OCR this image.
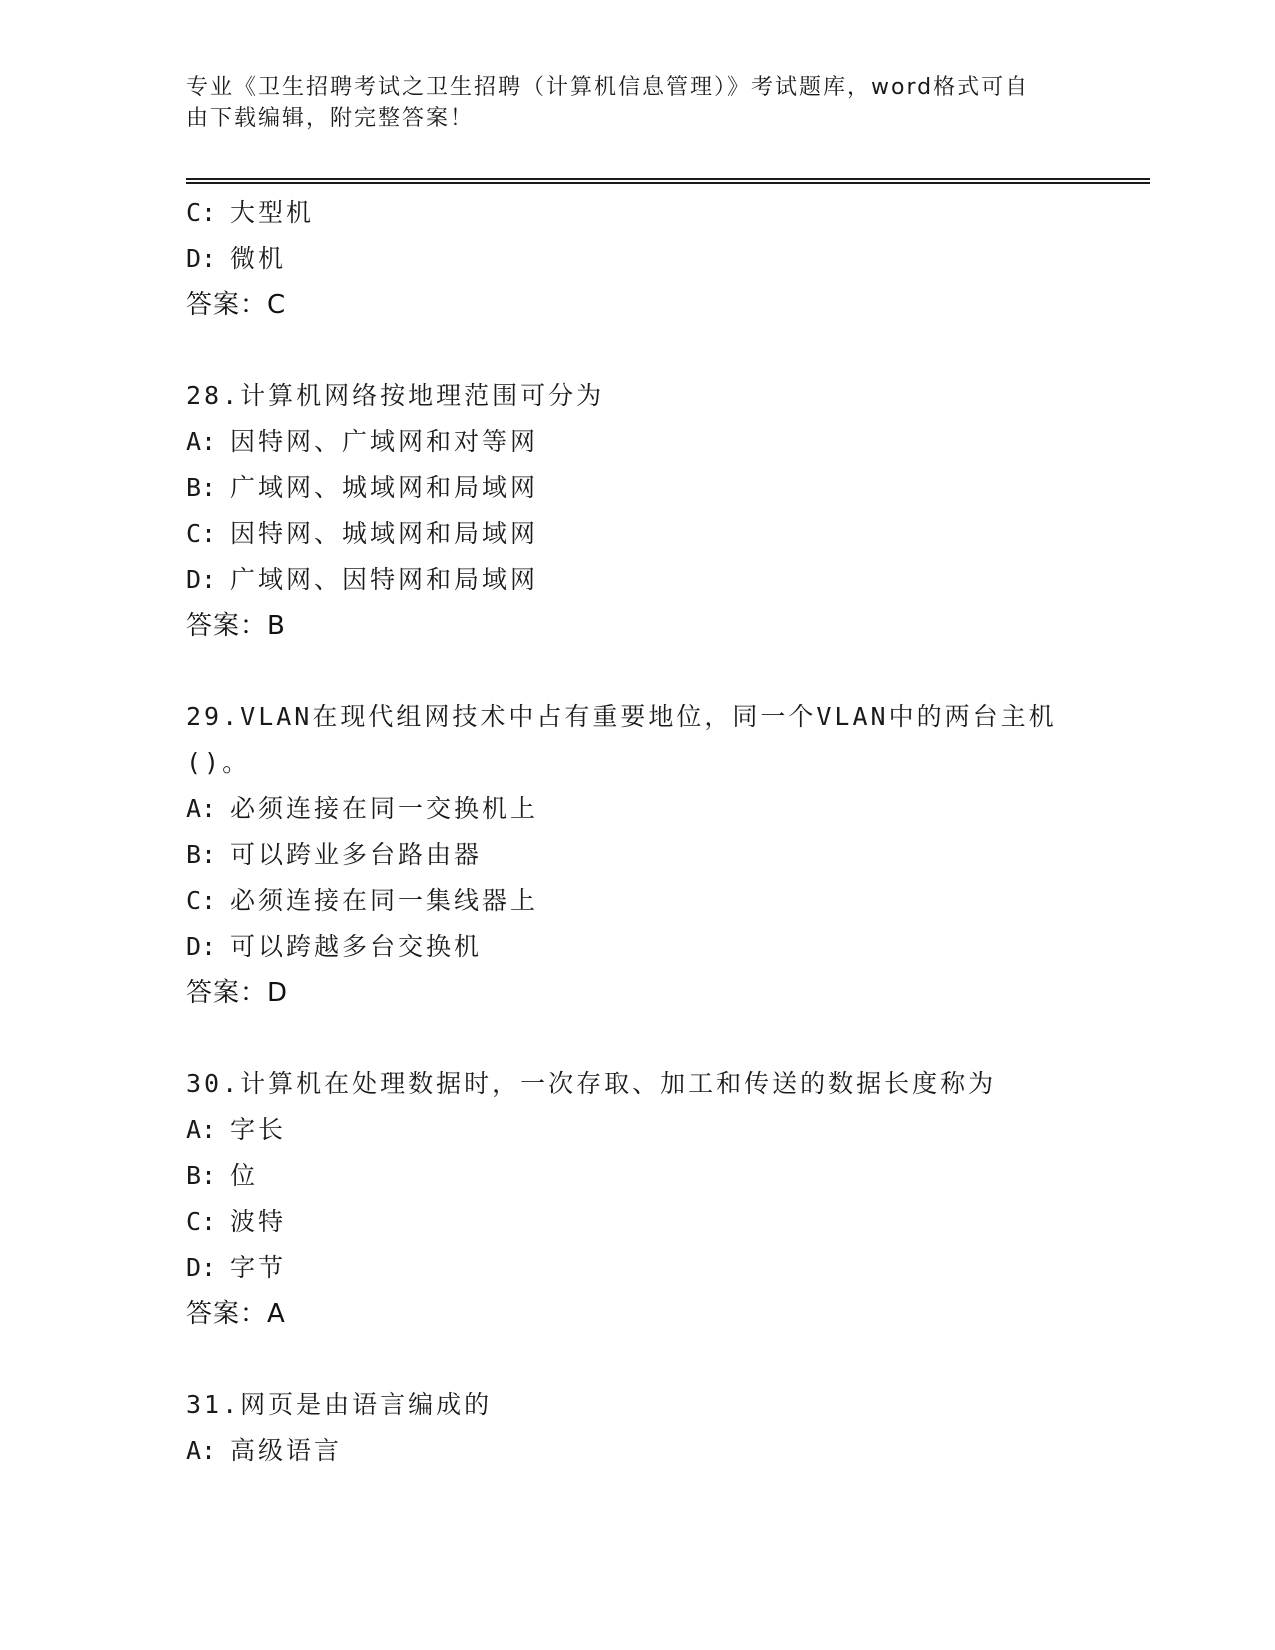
专业《卫生招聘考试之卫生招聘（计算机信息管理）》考试题库，word格式可自
由下载编辑，附完整答案！
C: 大型机
D: 微机
答案：C
28.计算机网络按地理范围可分为
A: 因特网、广域网和对等网
B: 广域网、城域网和局域网
C: 因特网、城域网和局域网
D: 广域网、因特网和局域网
答案：B
29.VLAN在现代组网技术中占有重要地位，同一个VLAN中的两台主机
()。
A: 必须连接在同一交换机上
B: 可以跨业多台路由器
C: 必须连接在同一集线器上
D: 可以跨越多台交换机
答案：D
30.计算机在处理数据时，一次存取、加工和传送的数据长度称为
A: 字长
B: 位
C: 波特
D: 字节
答案：A
31.网页是由语言编成的
A: 高级语言
